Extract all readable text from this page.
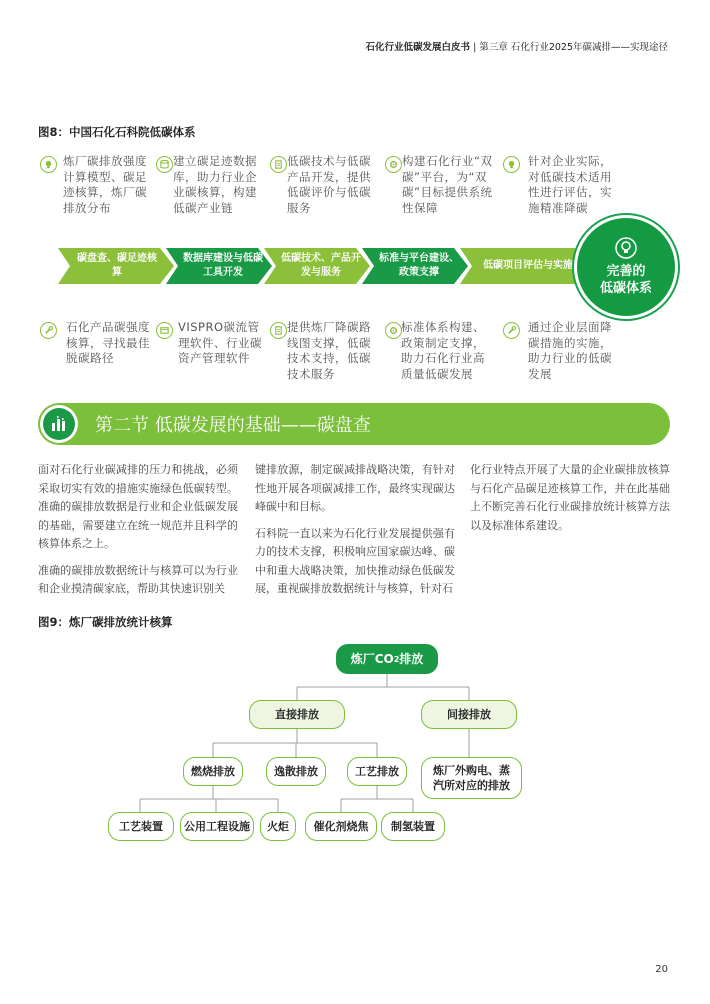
石化行业低碳发展白皮书 | 第三章 石化行业2025年碳减排——实现途径
图8：中国石化石科院低碳体系
炼厂碳排放强度计算模型、碳足迹核算，炼厂碳排放分布
建立碳足迹数据库，助力行业企业碳核算，构建低碳产业链
低碳技术与低碳产品开发，提供低碳评价与低碳服务
构建石化行业“双碳”平台，为“双碳”目标提供系统性保障
针对企业实际，对低碳技术适用性进行评估，实施精准降碳
碳盘查、碳足迹核算
数据库建设与低碳工具开发
低碳技术、产品开发与服务
标准与平台建设、政策支撑
低碳项目评估与实施	完善的
低碳体系
石化产品碳强度核算，寻找最佳脱碳路径
VISPRO碳流管理软件、行业碳资产管理软件
提供炼厂降碳路线图支撑，低碳技术支持，低碳技术服务
标准体系构建、政策制定支撑，助力石化行业高质量低碳发展
通过企业层面降碳措施的实施，助力行业的低碳发展
第二节 低碳发展的基础——碳盘查

面对石化行业碳减排的压力和挑战，必须采取切实有效的措施实施绿色低碳转型。准确的碳排放数据是行业和企业低碳发展的基础，需要建立在统一规范并且科学的核算体系之上。

准确的碳排放数据统计与核算可以为行业和企业摸清碳家底，帮助其快速识别关

键排放源，制定碳减排战略决策，有针对性地开展各项碳减排工作，最终实现碳达峰碳中和目标。

石科院一直以来为石化行业发展提供强有力的技术支撑，积极响应国家碳达峰、碳中和重大战略决策，加快推动绿色低碳发展，重视碳排放数据统计与核算，针对石

化行业特点开展了大量的企业碳排放核算与石化产品碳足迹核算工作，并在此基础上不断完善石化行业碳排放统计核算方法以及标准体系建设。

图9：炼厂碳排放统计核算
炼厂CO 2 排放
直接排放	间接排放
燃烧排放	逸散排放	工艺排放	炼厂外购电、蒸汽所对应的排放
工艺装置	公用工程设施	火炬	催化剂烧焦	制氢装置
20
